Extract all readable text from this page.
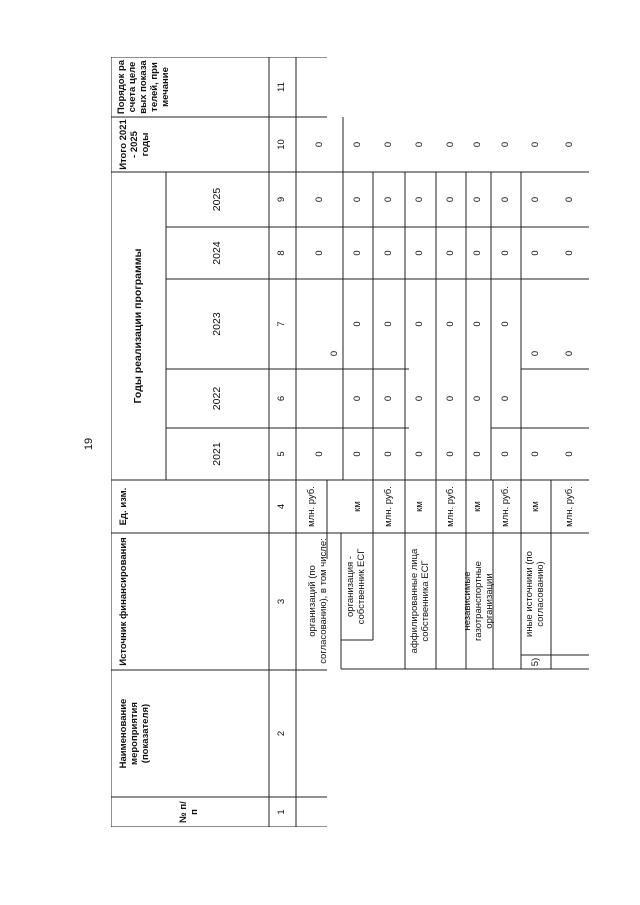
19
№ п/п
Наименование мероприятия (показателя)
Источник финансирования
Ед. изм.
Годы реализации программы
2021
2022
2023
2024
2025
Итого 2021 - 2025 годы
Порядок расчета целевых показателей, примечание
1
2
3
4
5
6
7
8
9
10
11
организаций (по согласованию), в том числе:
млн. руб.
0
0
0
0
0
организация - собственник ЕСГ
км
0
0
0
0
0
0
млн. руб.
0
0
0
0
0
0
аффилированные лица собственника ЕСГ
км
0
0
0
0
0
0
млн. руб.
0
0
0
0
0
0
независимые газотранспортные организации
км
0
0
0
0
0
0
млн. руб.
0
0
0
0
0
0
5)
иные источники (по согласованию)
км
0
0
0
0
0
млн. руб.
0
0
0
0
0
